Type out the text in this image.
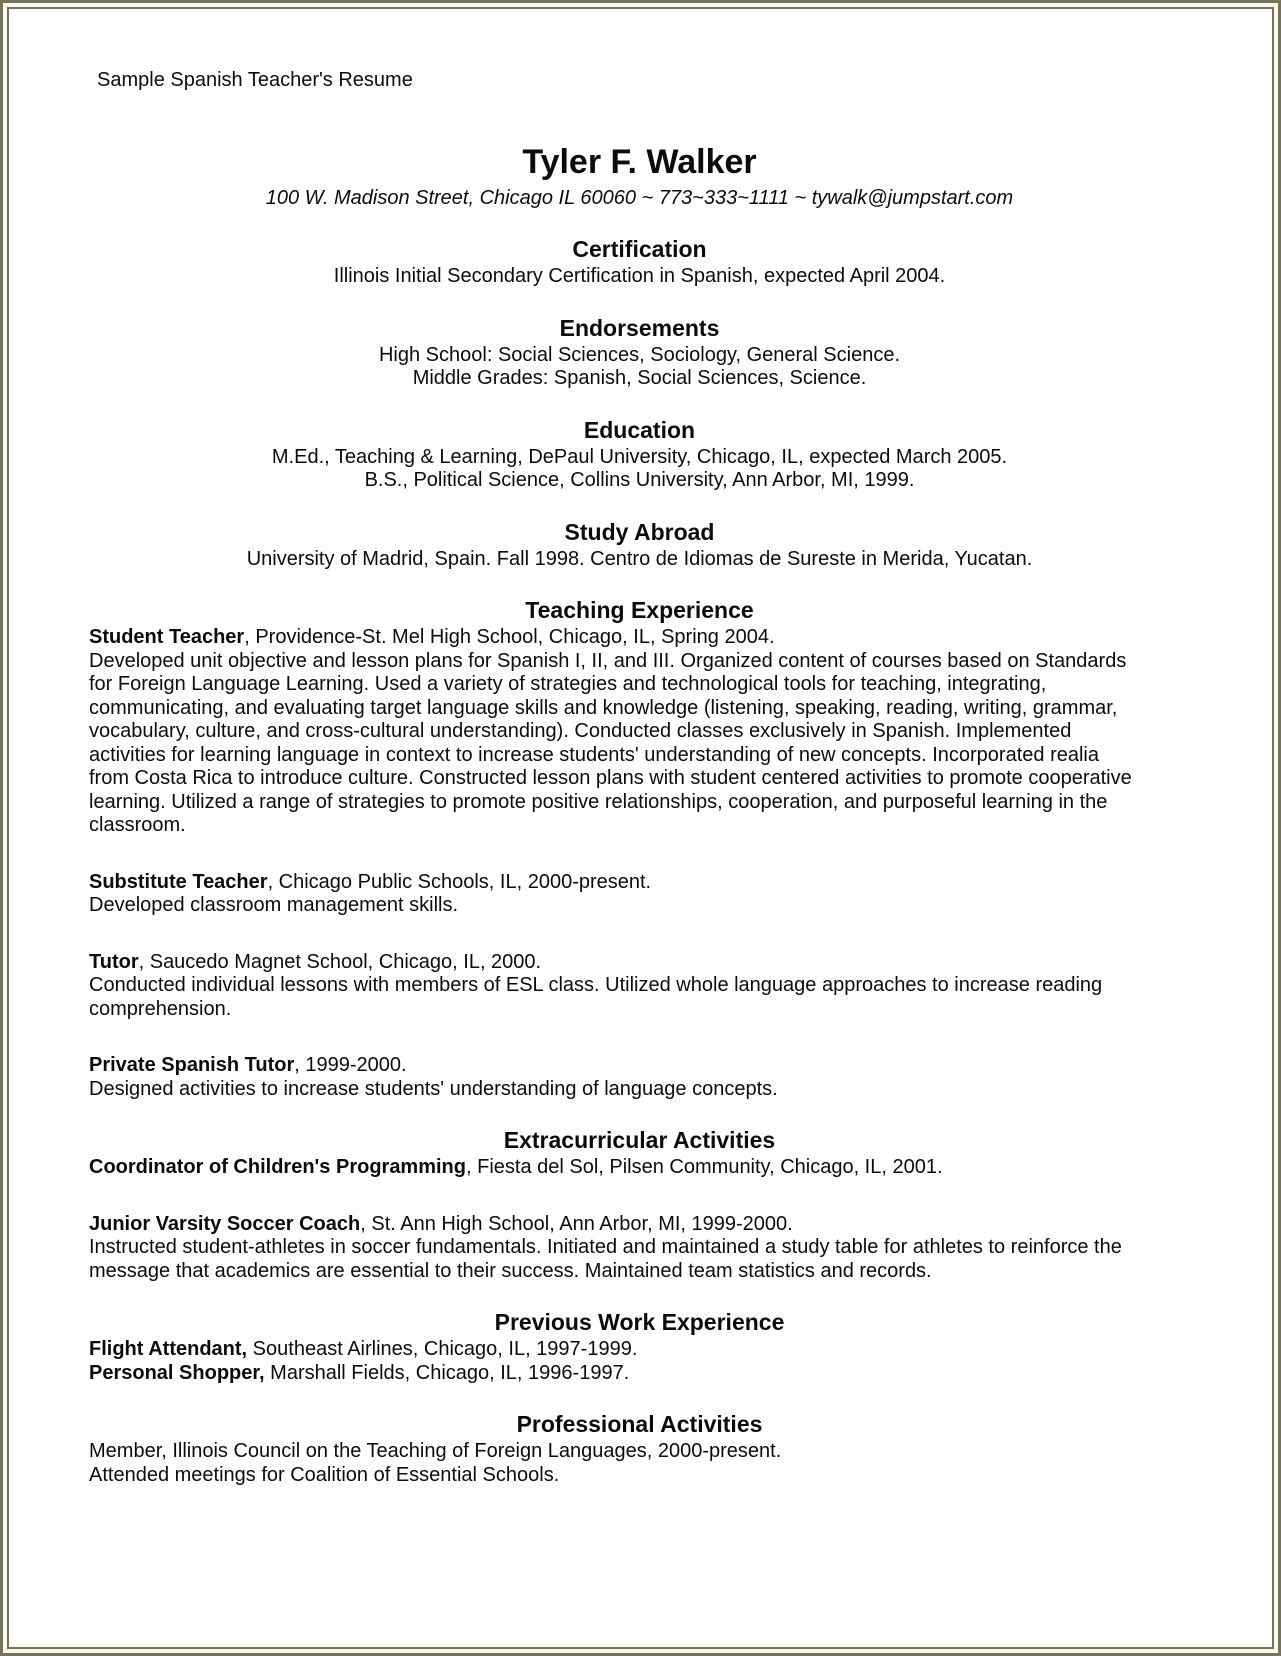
Sample Spanish Teacher's Resume
Tyler F. Walker
100 W. Madison Street, Chicago IL 60060 ~ 773~333~1111 ~ tywalk@jumpstart.com
Certification

Illinois Initial Secondary Certification in Spanish, expected April 2004.

Endorsements

High School: Social Sciences, Sociology, General Science.

Middle Grades: Spanish, Social Sciences, Science.

Education

M.Ed., Teaching & Learning, DePaul University, Chicago, IL, expected March 2005.

B.S., Political Science, Collins University, Ann Arbor, MI, 1999.

Study Abroad

University of Madrid, Spain. Fall 1998. Centro de Idiomas de Sureste in Merida, Yucatan.

Teaching Experience

Student Teacher, Providence-St. Mel High School, Chicago, IL, Spring 2004.

Developed unit objective and lesson plans for Spanish I, II, and III. Organized content of courses based on Standards for Foreign Language Learning. Used a variety of strategies and technological tools for teaching, integrating, communicating, and evaluating target language skills and knowledge (listening, speaking, reading, writing, grammar, vocabulary, culture, and cross-cultural understanding). Conducted classes exclusively in Spanish. Implemented activities for learning language in context to increase students' understanding of new concepts. Incorporated realia from Costa Rica to introduce culture. Constructed lesson plans with student centered activities to promote cooperative learning. Utilized a range of strategies to promote positive relationships, cooperation, and purposeful learning in the classroom.

Substitute Teacher, Chicago Public Schools, IL, 2000-present.

Developed classroom management skills.

Tutor, Saucedo Magnet School, Chicago, IL, 2000.

Conducted individual lessons with members of ESL class. Utilized whole language approaches to increase reading comprehension.

Private Spanish Tutor, 1999-2000.

Designed activities to increase students' understanding of language concepts.

Extracurricular Activities

Coordinator of Children's Programming, Fiesta del Sol, Pilsen Community, Chicago, IL, 2001.

Junior Varsity Soccer Coach, St. Ann High School, Ann Arbor, MI, 1999-2000.

Instructed student-athletes in soccer fundamentals. Initiated and maintained a study table for athletes to reinforce the message that academics are essential to their success. Maintained team statistics and records.

Previous Work Experience

Flight Attendant, Southeast Airlines, Chicago, IL, 1997-1999.

Personal Shopper, Marshall Fields, Chicago, IL, 1996-1997.

Professional Activities

Member, Illinois Council on the Teaching of Foreign Languages, 2000-present.

Attended meetings for Coalition of Essential Schools.
